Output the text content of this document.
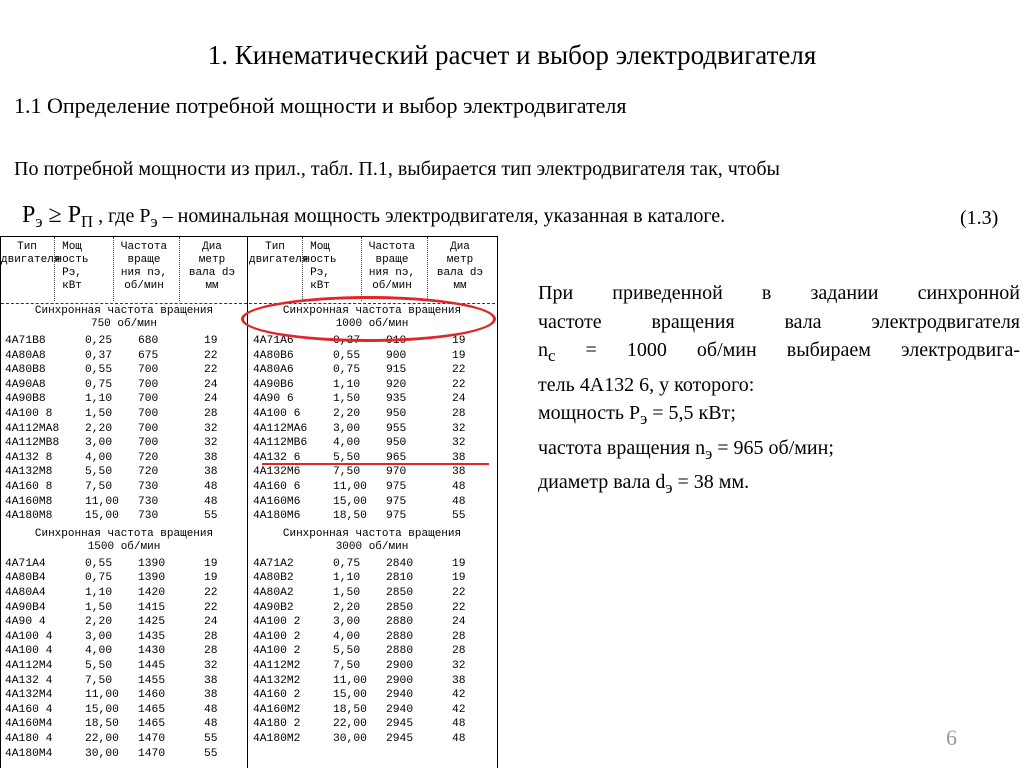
1. Кинематический расчет и выбор электродвигателя
1.1 Определение потребной мощности и выбор электродвигателя
По потребной мощности из прил., табл. П.1, выбирается тип электродвигателя так, чтобы
$Р_э \ge Р_П$ , где $Р_э$ – номинальная мощность электродвигателя, указанная в каталоге.	(1.3)
Тип
двигателя
Мощ
ность
Рэ,
кВт
Частота
враще
ния nэ,
об/мин
Диа
метр
вала dэ
мм
Синхронная частота вращения
750 об/мин
4А71В8	0,25 680	19
4А80А8	0,37 675	22
4А80В8	0,55 700	22
4А90А8	0,75 700	24
4А90В8	1,10 700	24
4А100 8	1,50 700	28
4А112МА8 2,20 700	32
4А112МВ8 3,00 700	32
4А132 8	4,00 720	38
4А132М8	5,50 720	38
4А160 8	7,50 730	48
4А160М8	11,00 730	48
4А180М8	15,00 730	55
Синхронная частота вращения
1500 об/мин
4А71А4	0,55 1390	19
4А80В4	0,75 1390	19
4А80А4	1,10 1420	22
4А90В4	1,50 1415	22
4А90 4	2,20 1425	24
4А100 4	3,00 1435	28
4А100 4	4,00 1430	28
4А112М4	5,50 1445	32
4А132 4	7,50 1455	38
4А132М4	11,00 1460	38
4А160 4	15,00 1465	48
4А160М4	18,50 1465	48
4А180 4	22,00 1470	55
4А180М4	30,00 1470	55
Тип
двигателя
Мощ
ность
Рэ,
кВт
Частота
враще
ния nэ,
об/мин
Диа
метр
вала dэ
мм
Синхронная частота вращения
1000 об/мин
4А71А6	0,37 910	19
4А80В6	0,55 900	19
4А80А6	0,75 915	22
4А90В6	1,10 920	22
4А90 6	1,50 935	24
4А100 6	2,20 950	28
4А112МА6 3,00 955	32
4А112МВ6 4,00 950	32
4А132 6	5,50 965	38
4А132М6	7,50 970	38
4А160 6	11,00 975	48
4А160М6	15,00 975	48
4А180М6	18,50 975	55
Синхронная частота вращения
3000 об/мин
4А71А2	0,75 2840	19
4А80В2	1,10 2810	19
4А80А2	1,50 2850	22
4А90В2	2,20 2850	22
4А100 2	3,00 2880	24
4А100 2	4,00 2880	28
4А100 2	5,50 2880	28
4А112М2	7,50 2900	32
4А132М2	11,00 2900	38
4А160 2	15,00 2940	42
4А160М2	18,50 2940	42
4А180 2	22,00 2945	48
4А180М2	30,00 2945	48
При приведенной в задании синхронной
частоте вращения вала электродвигателя
$n_c = 1000$ об/мин выбираем электродвига-
тель 4А132 6, у которого:
мощность $Р_э = 5,5$ кВт;
частота вращения $n_э = 965$ об/мин;
диаметр вала $d_э = 38$ мм.
6
